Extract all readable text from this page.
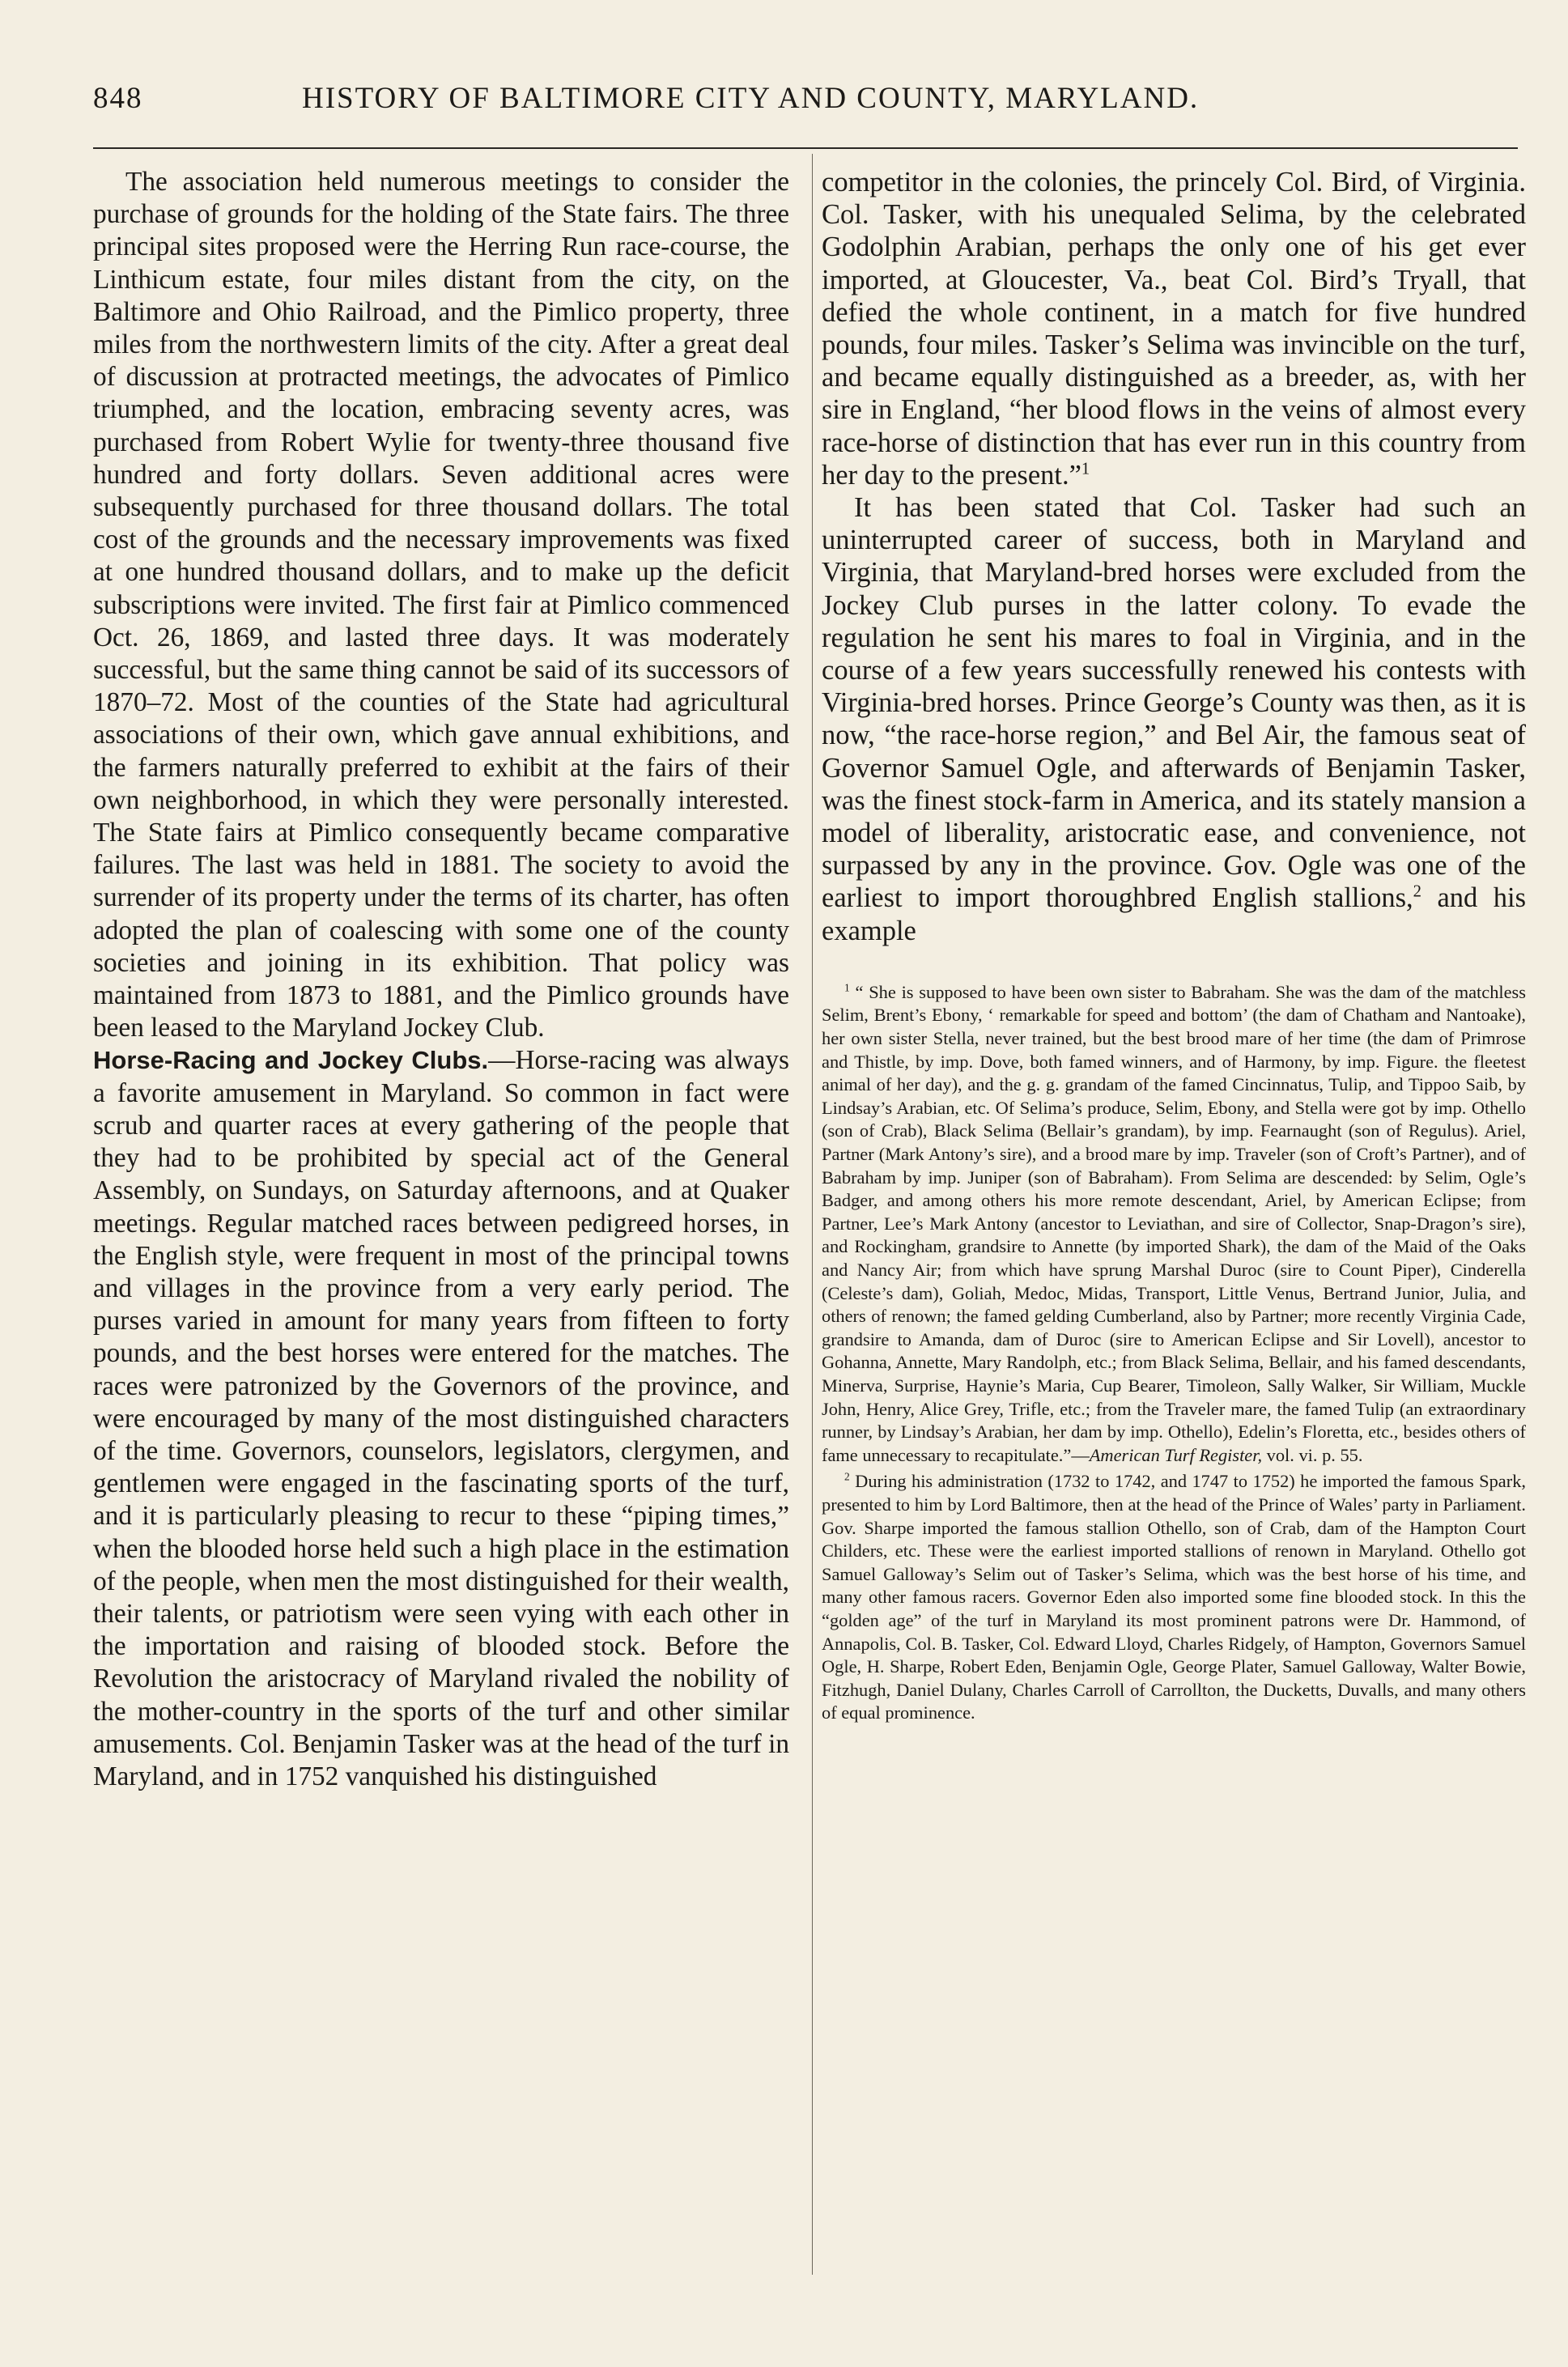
848	HISTORY OF BALTIMORE CITY AND COUNTY, MARYLAND.

The association held numerous meetings to consider the purchase of grounds for the holding of the State fairs. The three principal sites proposed were the Herring Run race-course, the Linthicum estate, four miles distant from the city, on the Baltimore and Ohio Railroad, and the Pimlico property, three miles from the northwestern limits of the city. After a great deal of discussion at protracted meetings, the advocates of Pimlico triumphed, and the location, embracing seventy acres, was purchased from Robert Wylie for twenty-three thousand five hundred and forty dollars. Seven additional acres were subsequently purchased for three thousand dollars. The total cost of the grounds and the necessary improvements was fixed at one hundred thousand dollars, and to make up the deficit subscriptions were invited. The first fair at Pimlico commenced Oct. 26, 1869, and lasted three days. It was moderately successful, but the same thing cannot be said of its successors of 1870–72. Most of the counties of the State had agricultural associations of their own, which gave annual exhibitions, and the farmers naturally preferred to exhibit at the fairs of their own neighborhood, in which they were personally interested. The State fairs at Pimlico consequently became comparative failures. The last was held in 1881. The society to avoid the surrender of its property under the terms of its charter, has often adopted the plan of coalescing with some one of the county societies and joining in its exhibition. That policy was maintained from 1873 to 1881, and the Pimlico grounds have been leased to the Maryland Jockey Club.

Horse-Racing and Jockey Clubs.—Horse-racing was always a favorite amusement in Maryland. So common in fact were scrub and quarter races at every gathering of the people that they had to be prohibited by special act of the General Assembly, on Sundays, on Saturday afternoons, and at Quaker meetings. Regular matched races between pedigreed horses, in the English style, were frequent in most of the principal towns and villages in the province from a very early period. The purses varied in amount for many years from fifteen to forty pounds, and the best horses were entered for the matches. The races were patronized by the Governors of the province, and were encouraged by many of the most distinguished characters of the time. Governors, counselors, legislators, clergymen, and gentlemen were engaged in the fascinating sports of the turf, and it is particularly pleasing to recur to these “piping times,” when the blooded horse held such a high place in the estimation of the people, when men the most distinguished for their wealth, their talents, or patriotism were seen vying with each other in the importation and raising of blooded stock. Before the Revolution the aristocracy of Maryland rivaled the nobility of the mother-country in the sports of the turf and other similar amusements. Col. Benjamin Tasker was at the head of the turf in Maryland, and in 1752 vanquished his distinguished

competitor in the colonies, the princely Col. Bird, of Virginia. Col. Tasker, with his unequaled Selima, by the celebrated Godolphin Arabian, perhaps the only one of his get ever imported, at Gloucester, Va., beat Col. Bird’s Tryall, that defied the whole continent, in a match for five hundred pounds, four miles. Tasker’s Selima was invincible on the turf, and became equally distinguished as a breeder, as, with her sire in England, “her blood flows in the veins of almost every race-horse of distinction that has ever run in this country from her day to the present.”$^1$

It has been stated that Col. Tasker had such an uninterrupted career of success, both in Maryland and Virginia, that Maryland-bred horses were excluded from the Jockey Club purses in the latter colony. To evade the regulation he sent his mares to foal in Virginia, and in the course of a few years successfully renewed his contests with Virginia-bred horses. Prince George’s County was then, as it is now, “the race-horse region,” and Bel Air, the famous seat of Governor Samuel Ogle, and afterwards of Benjamin Tasker, was the finest stock-farm in America, and its stately mansion a model of liberality, aristocratic ease, and convenience, not surpassed by any in the province. Gov. Ogle was one of the earliest to import thoroughbred English stallions,$^2$ and his example

$^1$ “ She is supposed to have been own sister to Babraham. She was the dam of the matchless Selim, Brent’s Ebony, ‘ remarkable for speed and bottom’ (the dam of Chatham and Nantoake), her own sister Stella, never trained, but the best brood mare of her time (the dam of Primrose and Thistle, by imp. Dove, both famed winners, and of Harmony, by imp. Figure. the fleetest animal of her day), and the g. g. grandam of the famed Cincinnatus, Tulip, and Tippoo Saib, by Lindsay’s Arabian, etc. Of Selima’s produce, Selim, Ebony, and Stella were got by imp. Othello (son of Crab), Black Selima (Bellair’s grandam), by imp. Fearnaught (son of Regulus). Ariel, Partner (Mark Antony’s sire), and a brood mare by imp. Traveler (son of Croft’s Partner), and of Babraham by imp. Juniper (son of Babraham). From Selima are descended: by Selim, Ogle’s Badger, and among others his more remote descendant, Ariel, by American Eclipse; from Partner, Lee’s Mark Antony (ancestor to Leviathan, and sire of Collector, Snap-Dragon’s sire), and Rockingham, grandsire to Annette (by imported Shark), the dam of the Maid of the Oaks and Nancy Air; from which have sprung Marshal Duroc (sire to Count Piper), Cinderella (Celeste’s dam), Goliah, Medoc, Midas, Transport, Little Venus, Bertrand Junior, Julia, and others of renown; the famed gelding Cumberland, also by Partner; more recently Virginia Cade, grandsire to Amanda, dam of Duroc (sire to American Eclipse and Sir Lovell), ancestor to Gohanna, Annette, Mary Randolph, etc.; from Black Selima, Bellair, and his famed descendants, Minerva, Surprise, Haynie’s Maria, Cup Bearer, Timoleon, Sally Walker, Sir William, Muckle John, Henry, Alice Grey, Trifle, etc.; from the Traveler mare, the famed Tulip (an extraordinary runner, by Lindsay’s Arabian, her dam by imp. Othello), Edelin’s Floretta, etc., besides others of fame unnecessary to recapitulate.”—American Turf Register, vol. vi. p. 55.

$^2$ During his administration (1732 to 1742, and 1747 to 1752) he imported the famous Spark, presented to him by Lord Baltimore, then at the head of the Prince of Wales’ party in Parliament. Gov. Sharpe imported the famous stallion Othello, son of Crab, dam of the Hampton Court Childers, etc. These were the earliest imported stallions of renown in Maryland. Othello got Samuel Galloway’s Selim out of Tasker’s Selima, which was the best horse of his time, and many other famous racers. Governor Eden also imported some fine blooded stock. In this the “golden age” of the turf in Maryland its most prominent patrons were Dr. Hammond, of Annapolis, Col. B. Tasker, Col. Edward Lloyd, Charles Ridgely, of Hampton, Governors Samuel Ogle, H. Sharpe, Robert Eden, Benjamin Ogle, George Plater, Samuel Galloway, Walter Bowie, Fitzhugh, Daniel Dulany, Charles Carroll of Carrollton, the Ducketts, Duvalls, and many others of equal prominence.
